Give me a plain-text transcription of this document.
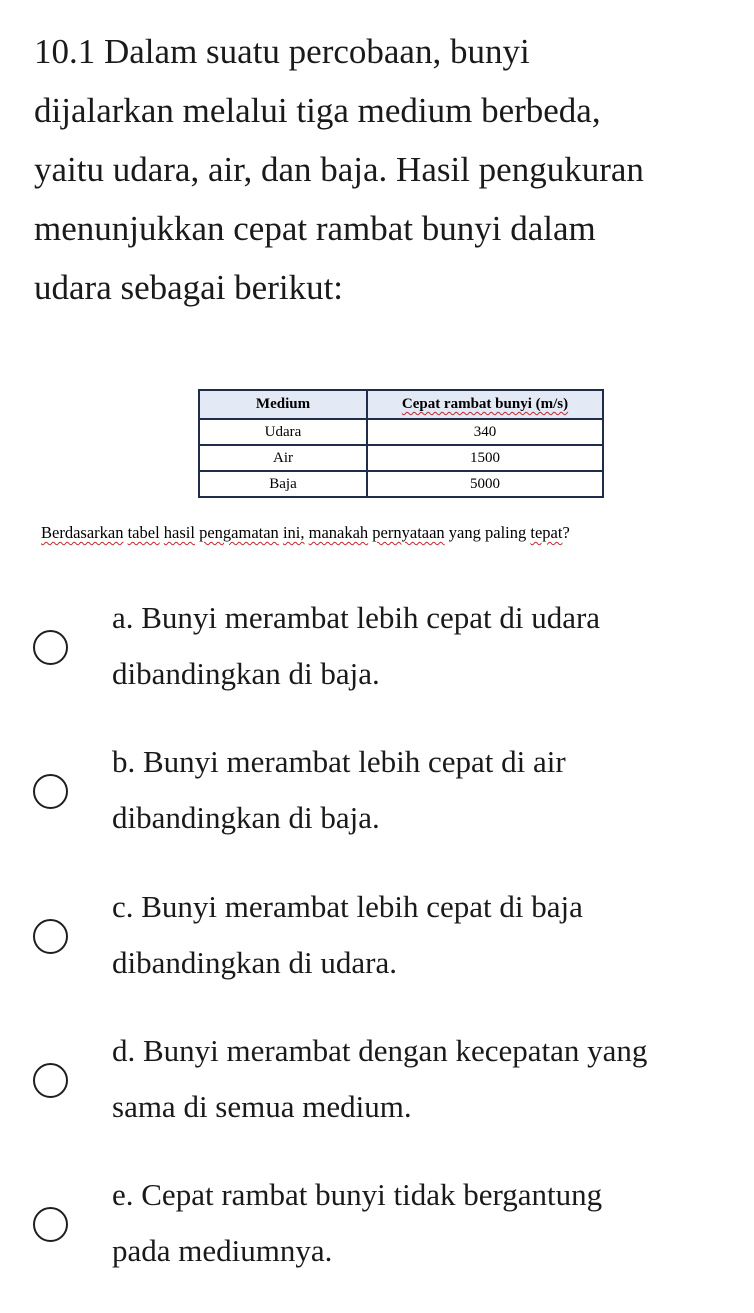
10.1 Dalam suatu percobaan, bunyi
dijalarkan melalui tiga medium berbeda,
yaitu udara, air, dan baja. Hasil pengukuran
menunjukkan cepat rambat bunyi dalam
udara sebagai berikut:
Medium	Cepat rambat bunyi (m/s)
Udara	340
Air	1500
Baja	5000
Berdasarkan tabel hasil pengamatan ini, manakah pernyataan yang paling tepat?
a. Bunyi merambat lebih cepat di udara
dibandingkan di baja.
b. Bunyi merambat lebih cepat di air
dibandingkan di baja.
c. Bunyi merambat lebih cepat di baja
dibandingkan di udara.
d. Bunyi merambat dengan kecepatan yang
sama di semua medium.
e. Cepat rambat bunyi tidak bergantung
pada mediumnya.
